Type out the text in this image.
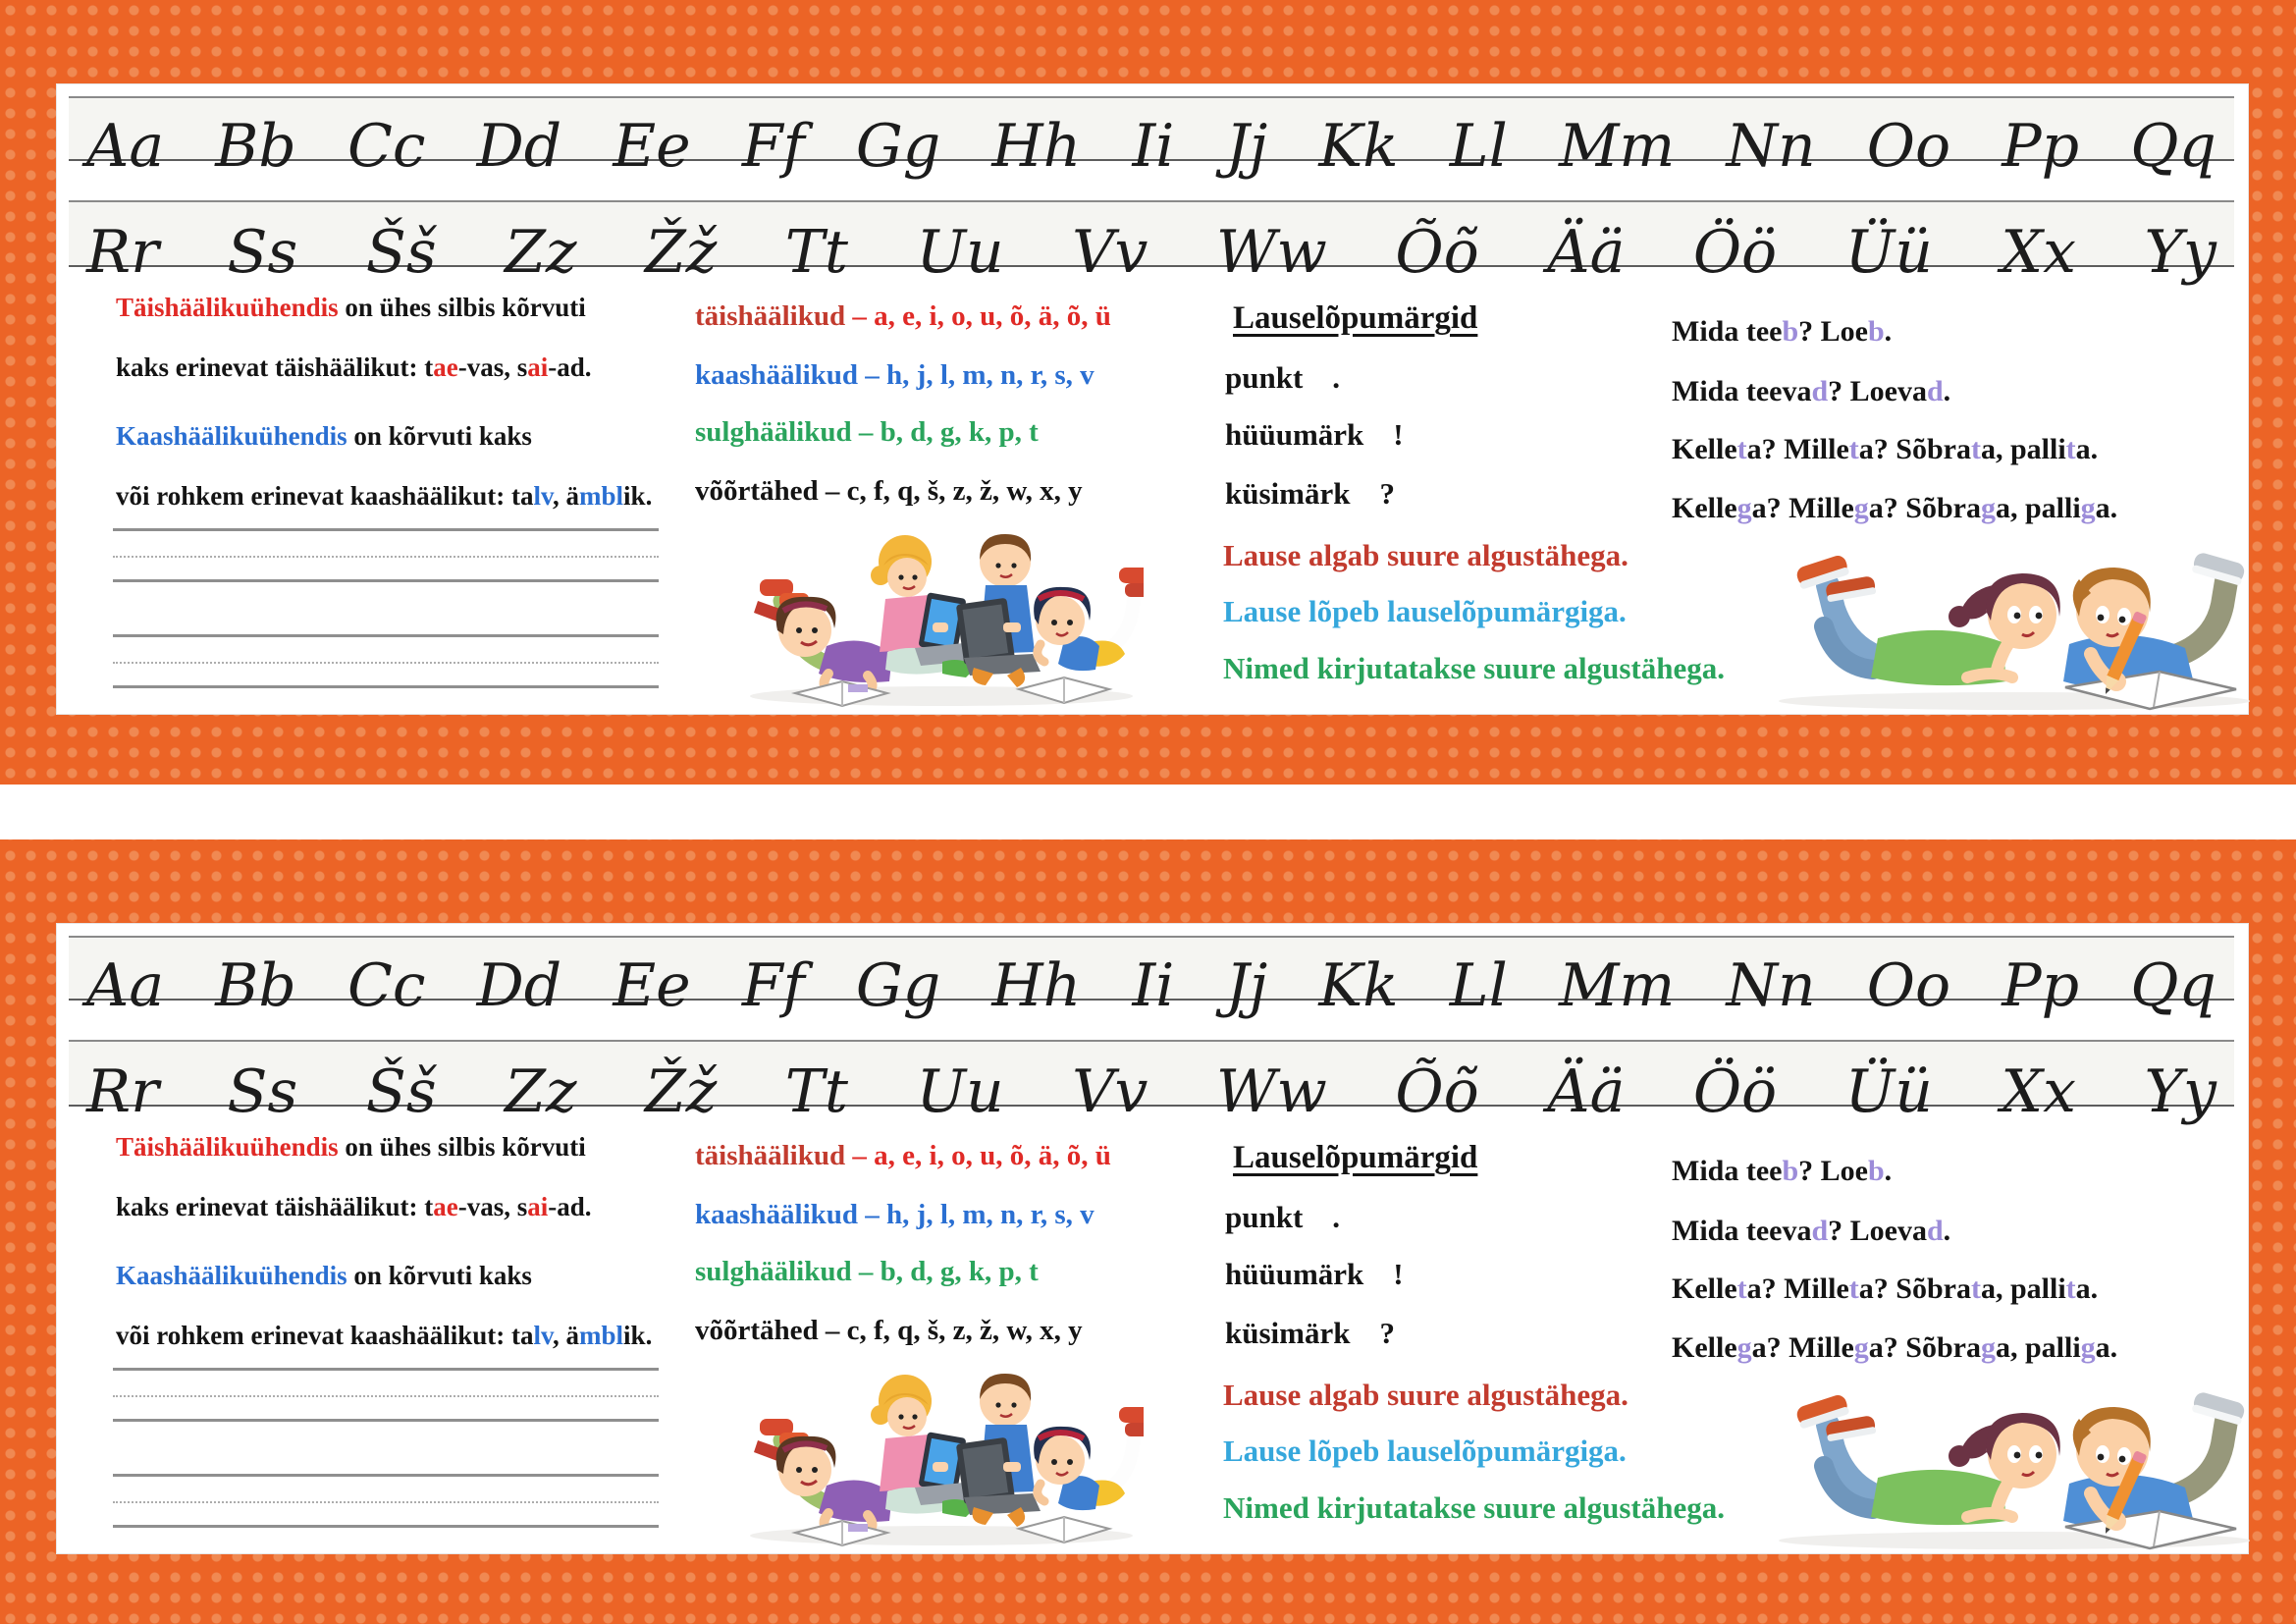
Aa Bb Cc Dd Ee Ff Gg Hh Ii Jj Kk Ll Mm Nn Oo Pp Qq
Rr Ss Šš Zz Žž Tt Uu Vv Ww Õõ Ää Öö Üü Xx Yy
Täishäälikuühendis on ühes silbis kõrvuti
kaks erinevat täishäälikut: tae-vas, sai-ad.
Kaashäälikuühendis on kõrvuti kaks
või rohkem erinevat kaashäälikut: talv, ämblik.
täishäälikud – a, e, i, o, u, õ, ä, õ, ü
kaashäälikud – h, j, l, m, n, r, s, v
sulghäälikud – b, d, g, k, p, t
võõrtähed – c, f, q, š, z, ž, w, x, y
Lauselõpumärgid
punkt .
hüüumärk !
küsimärk ?
Lause algab suure algustähega.
Lause lõpeb lauselõpumärgiga.
Nimed kirjutatakse suure algustähega.
Mida teeb? Loeb.
Mida teevad? Loevad.
Kelleta? Milleta? Sõbrata, pallita.
Kellega? Millega? Sõbraga, palliga.
Aa Bb Cc Dd Ee Ff Gg Hh Ii Jj Kk Ll Mm Nn Oo Pp Qq
Rr Ss Šš Zz Žž Tt Uu Vv Ww Õõ Ää Öö Üü Xx Yy
Täishäälikuühendis on ühes silbis kõrvuti
kaks erinevat täishäälikut: tae-vas, sai-ad.
Kaashäälikuühendis on kõrvuti kaks
või rohkem erinevat kaashäälikut: talv, ämblik.
täishäälikud – a, e, i, o, u, õ, ä, õ, ü
kaashäälikud – h, j, l, m, n, r, s, v
sulghäälikud – b, d, g, k, p, t
võõrtähed – c, f, q, š, z, ž, w, x, y
Lauselõpumärgid
punkt .
hüüumärk !
küsimärk ?
Lause algab suure algustähega.
Lause lõpeb lauselõpumärgiga.
Nimed kirjutatakse suure algustähega.
Mida teeb? Loeb.
Mida teevad? Loevad.
Kelleta? Milleta? Sõbrata, pallita.
Kellega? Millega? Sõbraga, palliga.
